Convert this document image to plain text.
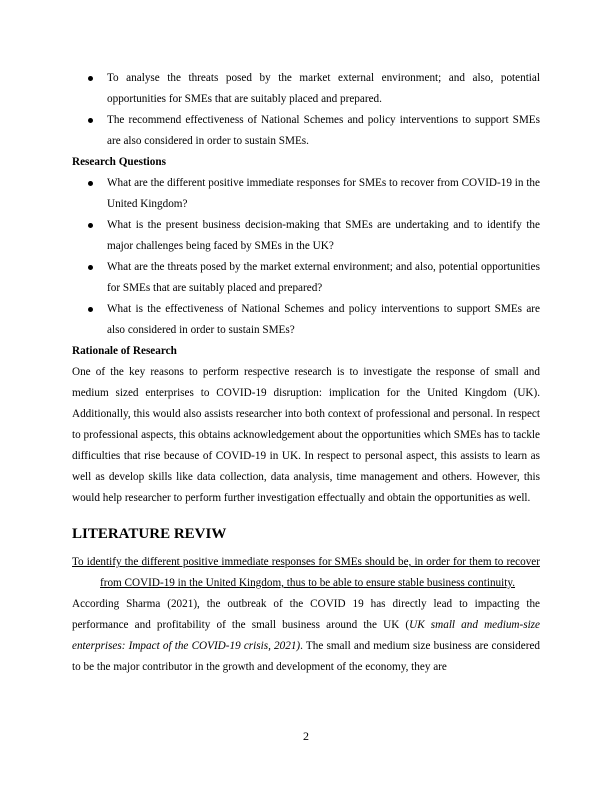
To analyse the threats posed by the market external environment; and also, potential opportunities for SMEs that are suitably placed and prepared.

The recommend effectiveness of National Schemes and policy interventions to support SMEs are also considered in order to sustain SMEs.

Research Questions

What are the different positive immediate responses for SMEs to recover from COVID-19 in the United Kingdom?

What is the present business decision-making that SMEs are undertaking and to identify the major challenges being faced by SMEs in the UK?

What are the threats posed by the market external environment; and also, potential opportunities for SMEs that are suitably placed and prepared?

What is the effectiveness of National Schemes and policy interventions to support SMEs are also considered in order to sustain SMEs?

Rationale of Research

One of the key reasons to perform respective research is to investigate the response of small and medium sized enterprises to COVID-19 disruption: implication for the United Kingdom (UK). Additionally, this would also assists researcher into both context of professional and personal. In respect to professional aspects, this obtains acknowledgement about the opportunities which SMEs has to tackle difficulties that rise because of COVID-19 in UK. In respect to personal aspect, this assists to learn as well as develop skills like data collection, data analysis, time management and others. However, this would help researcher to perform further investigation effectually and obtain the opportunities as well.

LITERATURE REVIW

To identify the different positive immediate responses for SMEs should be, in order for them to recover from COVID-19 in the United Kingdom, thus to be able to ensure stable business continuity.

According Sharma (2021), the outbreak of the COVID 19 has directly lead to impacting the performance and profitability of the small business around the UK (UK small and medium-size enterprises: Impact of the COVID-19 crisis, 2021). The small and medium size business are considered to be the major contributor in the growth and development of the economy, they are

2
